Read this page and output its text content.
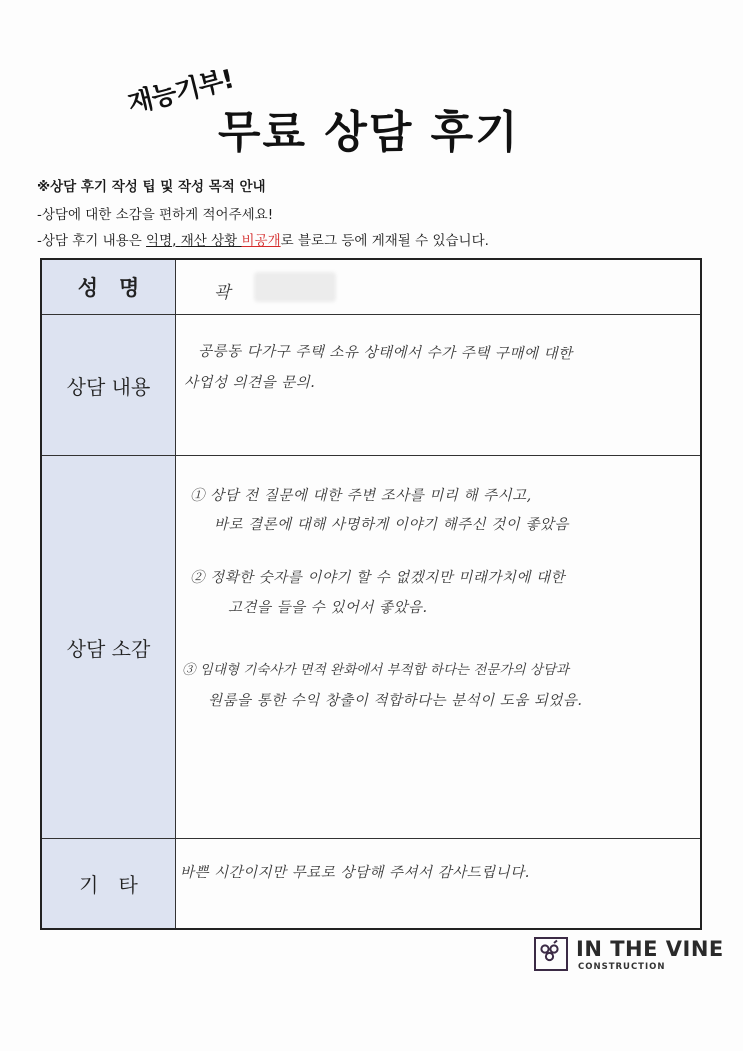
재능기부!
무료 상담 후기
※상담 후기 작성 팁 및 작성 목적 안내
-상담에 대한 소감을 편하게 적어주세요!
-상담 후기 내용은 익명, 재산 상황 비공개로 블로그 등에 게재될 수 있습니다.
성　명	곽
상담 내용
공릉동 다가구 주택 소유 상태에서 수가 주택 구매에 대한
사업성 의견을 문의.
상담 소감
① 상담 전 질문에 대한 주변 조사를 미리 해 주시고,
바로 결론에 대해 사명하게 이야기 해주신 것이 좋았음
② 정확한 숫자를 이야기 할 수 없겠지만 미래가치에 대한
고견을 들을 수 있어서 좋았음.
③ 임대형 기숙사가 면적 완화에서 부적합 하다는 전문가의 상담과
원룸을 통한 수익 창출이 적합하다는 분석이 도움 되었음.
기　타	바쁜 시간이지만 무료로 상담해 주셔서 감사드립니다.
IN THE VINE
CONSTRUCTION
